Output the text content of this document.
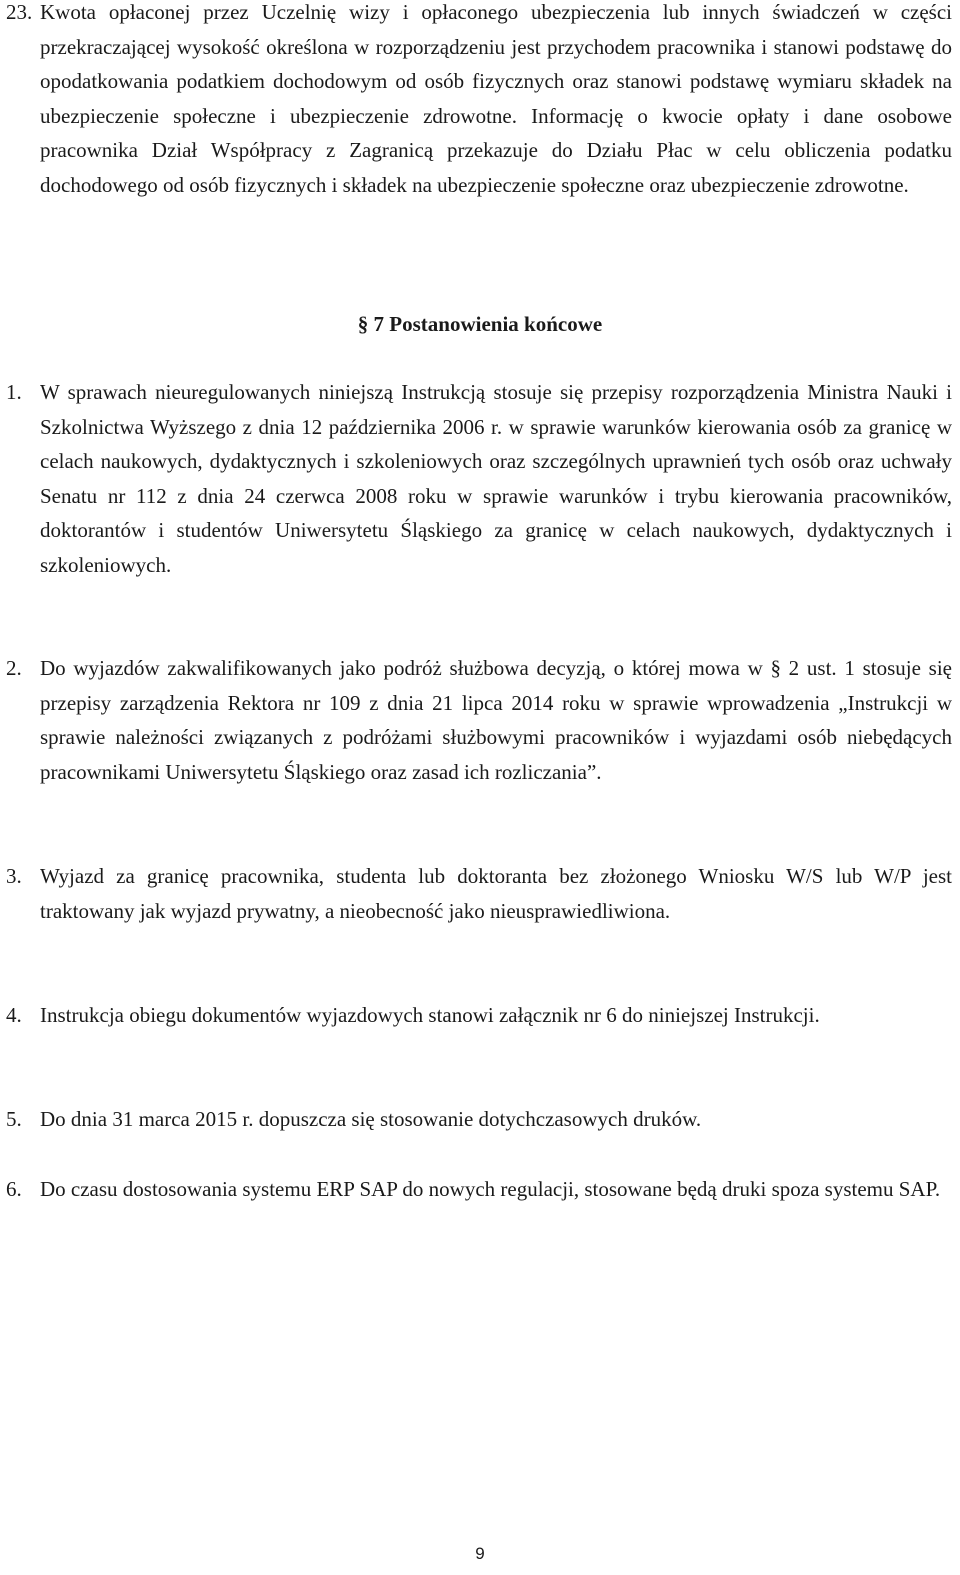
23. Kwota opłaconej przez Uczelnię wizy i opłaconego ubezpieczenia lub innych świadczeń w części przekraczającej wysokość określona w rozporządzeniu jest przychodem pracownika i stanowi podstawę do opodatkowania podatkiem dochodowym od osób fizycznych oraz stanowi podstawę wymiaru składek na ubezpieczenie społeczne i ubezpieczenie zdrowotne. Informację o kwocie opłaty i dane osobowe pracownika Dział Współpracy z Zagranicą przekazuje do Działu Płac w celu obliczenia podatku dochodowego od osób fizycznych i składek na ubezpieczenie społeczne oraz ubezpieczenie zdrowotne.
§ 7 Postanowienia końcowe
1. W sprawach nieuregulowanych niniejszą Instrukcją stosuje się przepisy rozporządzenia Ministra Nauki i Szkolnictwa Wyższego z dnia 12 października 2006 r. w sprawie warunków kierowania osób za granicę w celach naukowych, dydaktycznych i szkoleniowych oraz szczególnych uprawnień tych osób oraz uchwały Senatu nr 112 z dnia 24 czerwca 2008 roku w sprawie warunków i trybu kierowania pracowników, doktorantów i studentów Uniwersytetu Śląskiego za granicę w celach naukowych, dydaktycznych i szkoleniowych.
2. Do wyjazdów zakwalifikowanych jako podróż służbowa decyzją, o której mowa w § 2 ust. 1 stosuje się przepisy zarządzenia Rektora nr 109 z dnia 21 lipca 2014 roku w sprawie wprowadzenia „Instrukcji w sprawie należności związanych z podróżami służbowymi pracowników i wyjazdami osób niebędących pracownikami Uniwersytetu Śląskiego oraz zasad ich rozliczania”.
3. Wyjazd za granicę pracownika, studenta lub doktoranta bez złożonego Wniosku W/S lub W/P jest traktowany jak wyjazd prywatny, a nieobecność jako nieusprawiedliwiona.
4. Instrukcja obiegu dokumentów wyjazdowych stanowi załącznik nr 6 do niniejszej Instrukcji.
5. Do dnia 31 marca 2015 r. dopuszcza się stosowanie dotychczasowych druków.
6. Do czasu dostosowania systemu ERP SAP do nowych regulacji, stosowane będą druki spoza systemu SAP.
9
